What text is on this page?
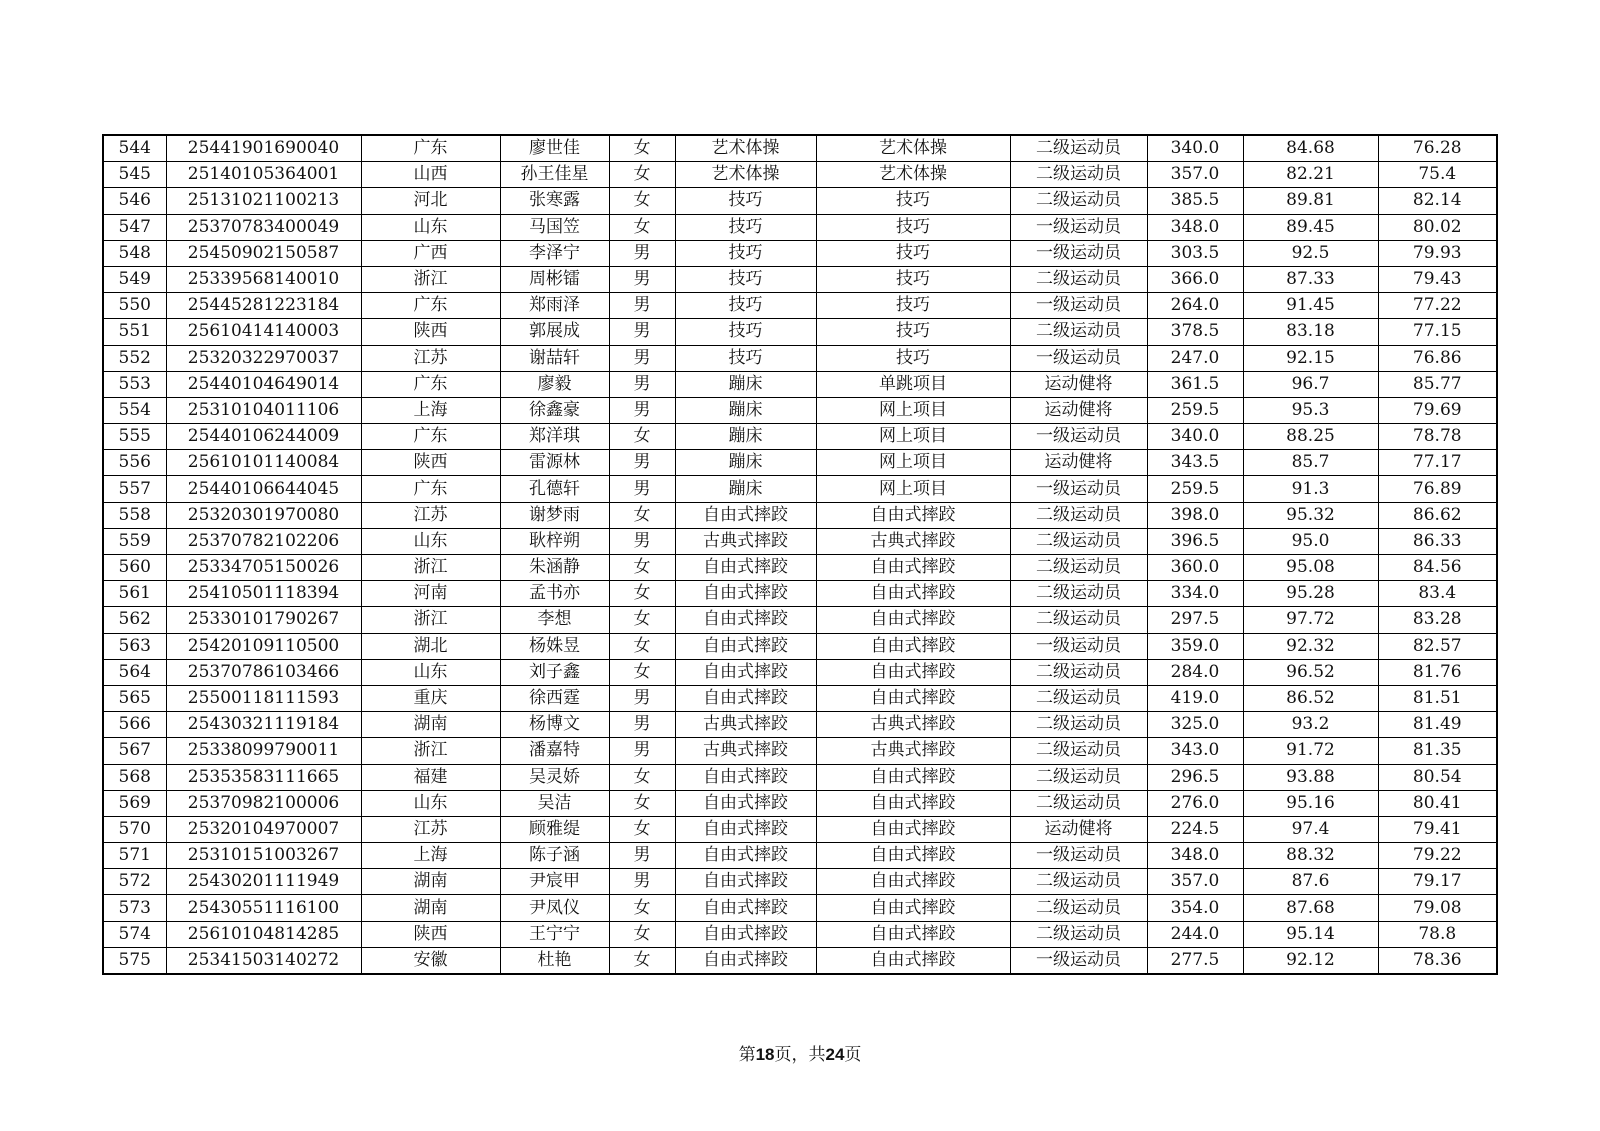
544	25441901690040	广东	廖世佳	女	艺术体操	艺术体操	二级运动员	340.0	84.68	76.28
545	25140105364001	山西	孙王佳星	女	艺术体操	艺术体操	二级运动员	357.0	82.21	75.4
546	25131021100213	河北	张寒露	女	技巧	技巧	二级运动员	385.5	89.81	82.14
547	25370783400049	山东	马国笠	女	技巧	技巧	一级运动员	348.0	89.45	80.02
548	25450902150587	广西	李泽宁	男	技巧	技巧	一级运动员	303.5	92.5	79.93
549	25339568140010	浙江	周彬镭	男	技巧	技巧	二级运动员	366.0	87.33	79.43
550	25445281223184	广东	郑雨泽	男	技巧	技巧	一级运动员	264.0	91.45	77.22
551	25610414140003	陕西	郭展成	男	技巧	技巧	二级运动员	378.5	83.18	77.15
552	25320322970037	江苏	谢喆轩	男	技巧	技巧	一级运动员	247.0	92.15	76.86
553	25440104649014	广东	廖毅	男	蹦床	单跳项目	运动健将	361.5	96.7	85.77
554	25310104011106	上海	徐鑫豪	男	蹦床	网上项目	运动健将	259.5	95.3	79.69
555	25440106244009	广东	郑洋琪	女	蹦床	网上项目	一级运动员	340.0	88.25	78.78
556	25610101140084	陕西	雷源林	男	蹦床	网上项目	运动健将	343.5	85.7	77.17
557	25440106644045	广东	孔德轩	男	蹦床	网上项目	一级运动员	259.5	91.3	76.89
558	25320301970080	江苏	谢梦雨	女	自由式摔跤	自由式摔跤	二级运动员	398.0	95.32	86.62
559	25370782102206	山东	耿梓朔	男	古典式摔跤	古典式摔跤	二级运动员	396.5	95.0	86.33
560	25334705150026	浙江	朱涵静	女	自由式摔跤	自由式摔跤	二级运动员	360.0	95.08	84.56
561	25410501118394	河南	孟书亦	女	自由式摔跤	自由式摔跤	二级运动员	334.0	95.28	83.4
562	25330101790267	浙江	李想	女	自由式摔跤	自由式摔跤	二级运动员	297.5	97.72	83.28
563	25420109110500	湖北	杨姝昱	女	自由式摔跤	自由式摔跤	一级运动员	359.0	92.32	82.57
564	25370786103466	山东	刘子鑫	女	自由式摔跤	自由式摔跤	二级运动员	284.0	96.52	81.76
565	25500118111593	重庆	徐西霆	男	自由式摔跤	自由式摔跤	二级运动员	419.0	86.52	81.51
566	25430321119184	湖南	杨博文	男	古典式摔跤	古典式摔跤	二级运动员	325.0	93.2	81.49
567	25338099790011	浙江	潘嘉特	男	古典式摔跤	古典式摔跤	二级运动员	343.0	91.72	81.35
568	25353583111665	福建	吴灵娇	女	自由式摔跤	自由式摔跤	二级运动员	296.5	93.88	80.54
569	25370982100006	山东	吴洁	女	自由式摔跤	自由式摔跤	二级运动员	276.0	95.16	80.41
570	25320104970007	江苏	顾雅缇	女	自由式摔跤	自由式摔跤	运动健将	224.5	97.4	79.41
571	25310151003267	上海	陈子涵	男	自由式摔跤	自由式摔跤	一级运动员	348.0	88.32	79.22
572	25430201111949	湖南	尹宸甲	男	自由式摔跤	自由式摔跤	二级运动员	357.0	87.6	79.17
573	25430551116100	湖南	尹凤仪	女	自由式摔跤	自由式摔跤	二级运动员	354.0	87.68	79.08
574	25610104814285	陕西	王宁宁	女	自由式摔跤	自由式摔跤	二级运动员	244.0	95.14	78.8
575	25341503140272	安徽	杜艳	女	自由式摔跤	自由式摔跤	一级运动员	277.5	92.12	78.36
第18页，共24页
